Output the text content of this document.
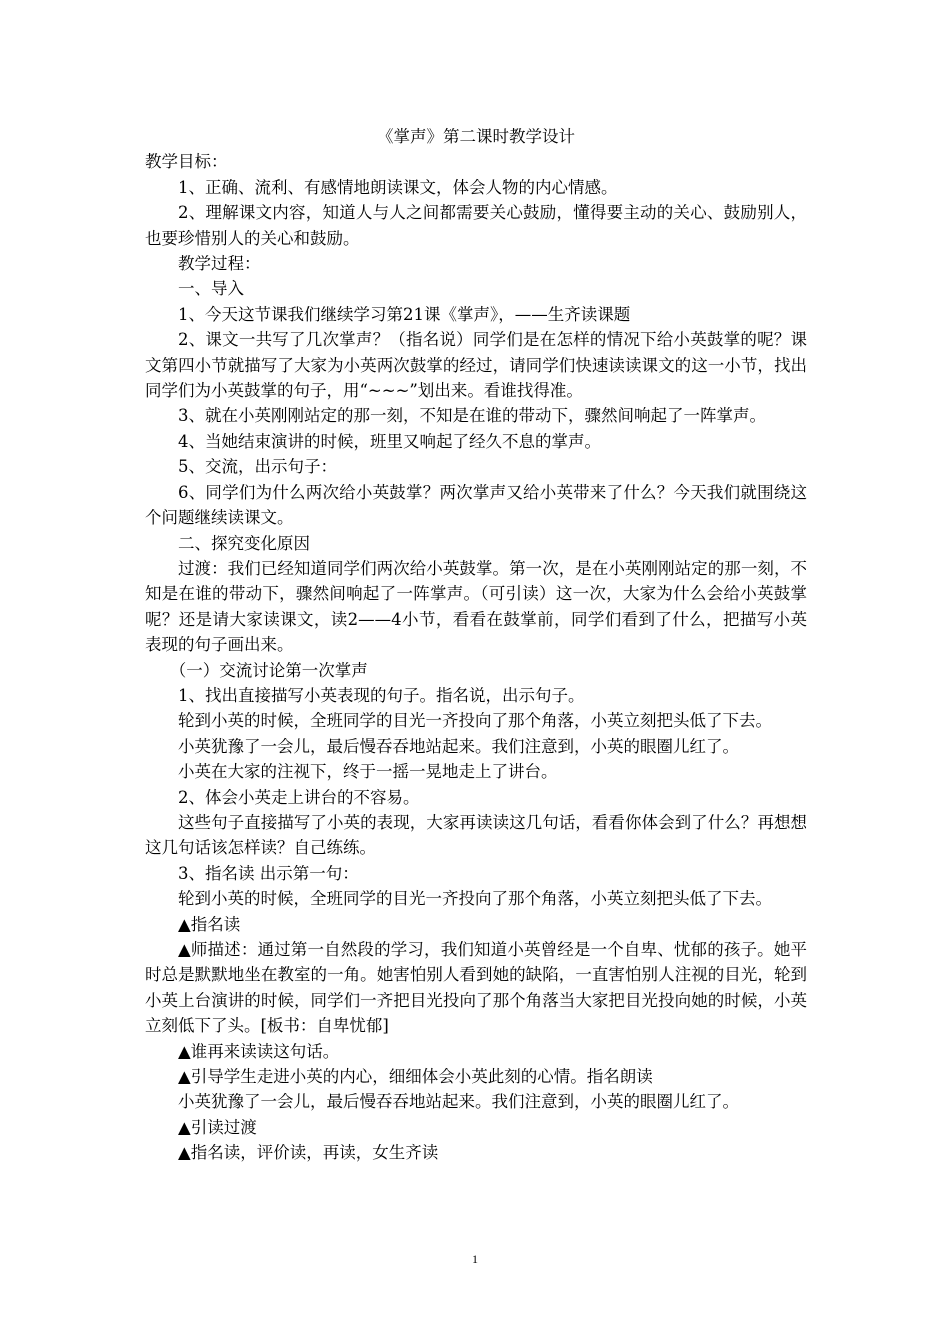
《掌声》第二课时教学设计

教学目标：

1、正确、流利、有感情地朗读课文，体会人物的内心情感。

2、理解课文内容，知道人与人之间都需要关心鼓励，懂得要主动的关心、鼓励别人，也要珍惜别人的关心和鼓励。

教学过程：

一、导入

1、今天这节课我们继续学习第21课《掌声》，——生齐读课题

2、课文一共写了几次掌声？（指名说）同学们是在怎样的情况下给小英鼓掌的呢？课文第四小节就描写了大家为小英两次鼓掌的经过，请同学们快速读读课文的这一小节，找出同学们为小英鼓掌的句子，用“~~~”划出来。看谁找得准。

3、就在小英刚刚站定的那一刻，不知是在谁的带动下，骤然间响起了一阵掌声。

4、当她结束演讲的时候，班里又响起了经久不息的掌声。

5、交流，出示句子：

6、同学们为什么两次给小英鼓掌？两次掌声又给小英带来了什么？今天我们就围绕这个问题继续读课文。

二、探究变化原因

过渡：我们已经知道同学们两次给小英鼓掌。第一次，是在小英刚刚站定的那一刻，不知是在谁的带动下，骤然间响起了一阵掌声。（可引读）这一次，大家为什么会给小英鼓掌呢？还是请大家读课文，读2——4小节，看看在鼓掌前，同学们看到了什么，把描写小英表现的句子画出来。

（一）交流讨论第一次掌声

1、找出直接描写小英表现的句子。指名说，出示句子。

轮到小英的时候，全班同学的目光一齐投向了那个角落，小英立刻把头低了下去。

小英犹豫了一会儿，最后慢吞吞地站起来。我们注意到，小英的眼圈儿红了。

小英在大家的注视下，终于一摇一晃地走上了讲台。

2、体会小英走上讲台的不容易。

这些句子直接描写了小英的表现，大家再读读这几句话，看看你体会到了什么？再想想这几句话该怎样读？自己练练。

3、指名读 出示第一句：

轮到小英的时候，全班同学的目光一齐投向了那个角落，小英立刻把头低了下去。

▲指名读

▲师描述：通过第一自然段的学习，我们知道小英曾经是一个自卑、忧郁的孩子。她平时总是默默地坐在教室的一角。她害怕别人看到她的缺陷，一直害怕别人注视的目光，轮到小英上台演讲的时候，同学们一齐把目光投向了那个角落当大家把目光投向她的时候，小英立刻低下了头。[板书：自卑忧郁]

▲谁再来读读这句话。

▲引导学生走进小英的内心，细细体会小英此刻的心情。指名朗读

小英犹豫了一会儿，最后慢吞吞地站起来。我们注意到，小英的眼圈儿红了。

▲引读过渡

▲指名读，评价读，再读，女生齐读

1
